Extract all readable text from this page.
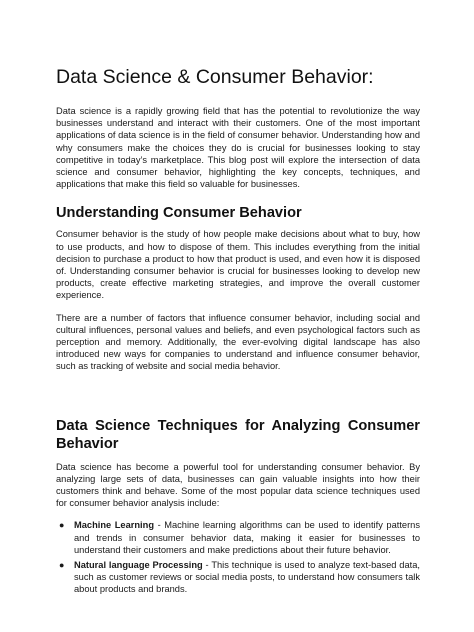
Data Science & Consumer Behavior:

Data science is a rapidly growing field that has the potential to revolutionize the way businesses understand and interact with their customers. One of the most important applications of data science is in the field of consumer behavior. Understanding how and why consumers make the choices they do is crucial for businesses looking to stay competitive in today’s marketplace. This blog post will explore the intersection of data science and consumer behavior, highlighting the key concepts, techniques, and applications that make this field so valuable for businesses.

Understanding Consumer Behavior

Consumer behavior is the study of how people make decisions about what to buy, how to use products, and how to dispose of them. This includes everything from the initial decision to purchase a product to how that product is used, and even how it is disposed of. Understanding consumer behavior is crucial for businesses looking to develop new products, create effective marketing strategies, and improve the overall customer experience.

There are a number of factors that influence consumer behavior, including social and cultural influences, personal values and beliefs, and even psychological factors such as perception and memory. Additionally, the ever-evolving digital landscape has also introduced new ways for companies to understand and influence consumer behavior, such as tracking of website and social media behavior.

Data Science Techniques for Analyzing Consumer Behavior

Data science has become a powerful tool for understanding consumer behavior. By analyzing large sets of data, businesses can gain valuable insights into how their customers think and behave. Some of the most popular data science techniques used for consumer behavior analysis include:

● Machine Learning - Machine learning algorithms can be used to identify patterns and trends in consumer behavior data, making it easier for businesses to understand their customers and make predictions about their future behavior.
● Natural language Processing - This technique is used to analyze text-based data, such as customer reviews or social media posts, to understand how consumers talk about products and brands.
